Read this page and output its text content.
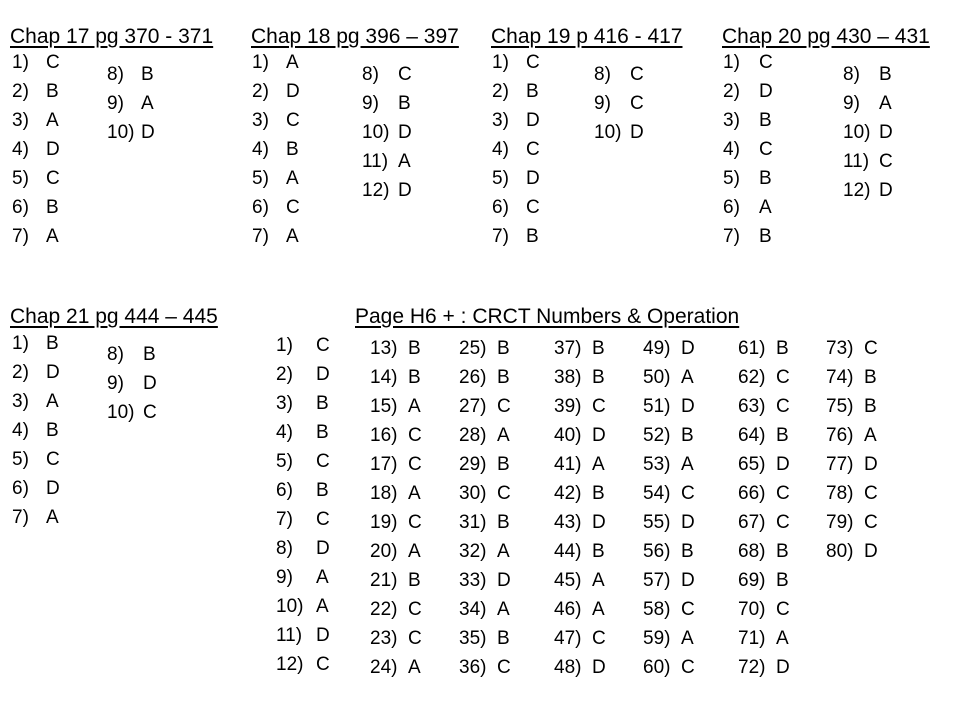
Chap 17 pg 370 - 371
1) C
2) B
3) A
4) D
5) C
6) B
7) A
8) B
9) A
10) D
Chap 18 pg 396 – 397
1) A
2) D
3) C
4) B
5) A
6) C
7) A
8) C
9) B
10) D
11) A
12) D
Chap 19 p 416 - 417
1) C
2) B
3) D
4) C
5) D
6) C
7) B
8) C
9) C
10) D
Chap 20 pg 430 – 431
1) C
2) D
3) B
4) C
5) B
6) A
7) B
8) B
9) A
10) D
11) C
12) D
Chap 21 pg 444 – 445
1) B
2) D
3) A
4) B
5) C
6) D
7) A
8) B
9) D
10) C
1) C
2) D
3) B
4) B
5) C
6) B
7) C
8) D
9) A
10) A
11) D
12) C
Page H6 + : CRCT Numbers & Operation
13) B
14) B
15) A
16) C
17) C
18) A
19) C
20) A
21) B
22) C
23) C
24) A
25) B
26) B
27) C
28) A
29) B
30) C
31) B
32) A
33) D
34) A
35) B
36) C
37) B
38) B
39) C
40) D
41) A
42) B
43) D
44) B
45) A
46) A
47) C
48) D
49) D
50) A
51) D
52) B
53) A
54) C
55) D
56) B
57) D
58) C
59) A
60) C
61) B
62) C
63) C
64) B
65) D
66) C
67) C
68) B
69) B
70) C
71) A
72) D
73) C
74) B
75) B
76) A
77) D
78) C
79) C
80) D
